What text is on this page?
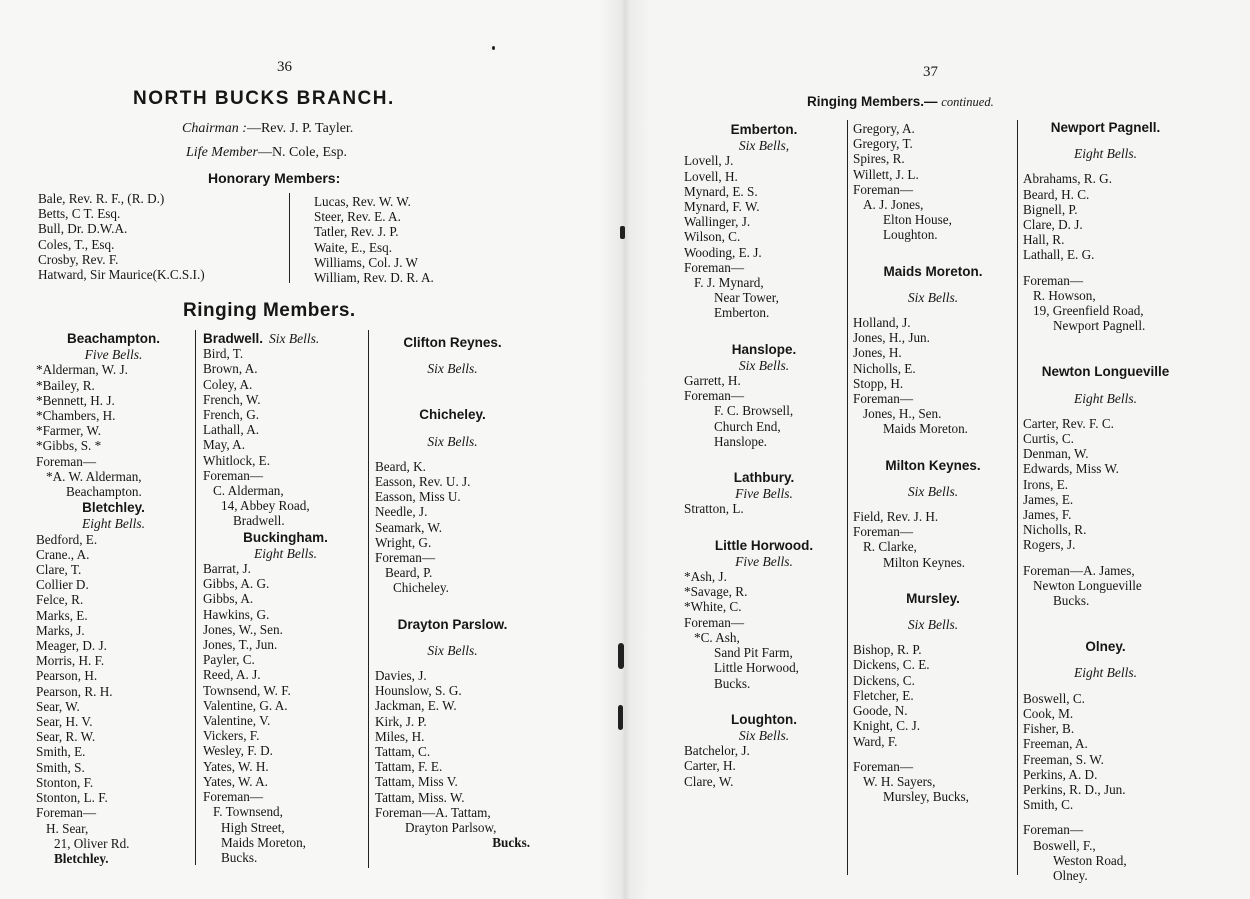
36
NORTH BUCKS BRANCH.
Chairman :—Rev. J. P. Tayler.
Life Member—N. Cole, Esp.
Honorary Members:
Bale, Rev. R. F., (R. D.)
Betts, C T. Esq.
Bull, Dr. D.W.A.
Coles, T., Esq.
Crosby, Rev. F.
Hatward, Sir Maurice(K.C.S.I.)
Lucas, Rev. W. W.
Steer, Rev. E. A.
Tatler, Rev. J. P.
Waite, E., Esq.
Williams, Col. J. W
William, Rev. D. R. A.
Ringing Members.
Beachampton.
Five Bells.
*Alderman, W. J.
*Bailey, R.
*Bennett, H. J.
*Chambers, H.
*Farmer, W.
*Gibbs, S. *
Foreman—
*A. W. Alderman,
Beachampton.
Bletchley.
Eight Bells.
Bedford, E.
Crane., A.
Clare, T.
Collier D.
Felce, R.
Marks, E.
Marks, J.
Meager, D. J.
Morris, H. F.
Pearson, H.
Pearson, R. H.
Sear, W.
Sear, H. V.
Sear, R. W.
Smith, E.
Smith, S.
Stonton, F.
Stonton, L. F.
Foreman—
H. Sear,
21, Oliver Rd.
Bletchley.
Bradwell. Six Bells.
Bird, T.
Brown, A.
Coley, A.
French, W.
French, G.
Lathall, A.
May, A.
Whitlock, E.
Foreman—
C. Alderman,
14, Abbey Road,
Bradwell.
Buckingham.
Eight Bells.
Barrat, J.
Gibbs, A. G.
Gibbs, A.
Hawkins, G.
Jones, W., Sen.
Jones, T., Jun.
Payler, C.
Reed, A. J.
Townsend, W. F.
Valentine, G. A.
Valentine, V.
Vickers, F.
Wesley, F. D.
Yates, W. H.
Yates, W. A.
Foreman—
F. Townsend,
High Street,
Maids Moreton,
Bucks.
Clifton Reynes.
Six Bells.
Chicheley.
Six Bells.
Beard, K.
Easson, Rev. U. J.
Easson, Miss U.
Needle, J.
Seamark, W.
Wright, G.
Foreman—
Beard, P.
Chicheley.
Drayton Parslow.
Six Bells.
Davies, J.
Hounslow, S. G.
Jackman, E. W.
Kirk, J. P.
Miles, H.
Tattam, C.
Tattam, F. E.
Tattam, Miss V.
Tattam, Miss. W.
Foreman—A. Tattam,
Drayton Parlsow,
Bucks.
37
Ringing Members.— continued.
Emberton.
Six Bells,
Lovell, J.
Lovell, H.
Mynard, E. S.
Mynard, F. W.
Wallinger, J.
Wilson, C.
Wooding, E. J.
Foreman—
F. J. Mynard,
Near Tower,
Emberton.
Hanslope.
Six Bells.
Garrett, H.
Foreman—
F. C. Browsell,
Church End,
Hanslope.
Lathbury.
Five Bells.
Stratton, L.
Little Horwood.
Five Bells.
*Ash, J.
*Savage, R.
*White, C.
Foreman—
*C. Ash,
Sand Pit Farm,
Little Horwood,
Bucks.
Loughton.
Six Bells.
Batchelor, J.
Carter, H.
Clare, W.
Gregory, A.
Gregory, T.
Spires, R.
Willett, J. L.
Foreman—
A. J. Jones,
Elton House,
Loughton.
Maids Moreton.
Six Bells.
Holland, J.
Jones, H., Jun.
Jones, H.
Nicholls, E.
Stopp, H.
Foreman—
Jones, H., Sen.
Maids Moreton.
Milton Keynes.
Six Bells.
Field, Rev. J. H.
Foreman—
R. Clarke,
Milton Keynes.
Mursley.
Six Bells.
Bishop, R. P.
Dickens, C. E.
Dickens, C.
Fletcher, E.
Goode, N.
Knight, C. J.
Ward, F.
Foreman—
W. H. Sayers,
Mursley, Bucks,
Newport Pagnell.
Eight Bells.
Abrahams, R. G.
Beard, H. C.
Bignell, P.
Clare, D. J.
Hall, R.
Lathall, E. G.
Foreman—
R. Howson,
19, Greenfield Road,
Newport Pagnell.
Newton Longueville
Eight Bells.
Carter, Rev. F. C.
Curtis, C.
Denman, W.
Edwards, Miss W.
Irons, E.
James, E.
James, F.
Nicholls, R.
Rogers, J.
Foreman—A. James,
Newton Longueville
Bucks.
Olney.
Eight Bells.
Boswell, C.
Cook, M.
Fisher, B.
Freeman, A.
Freeman, S. W.
Perkins, A. D.
Perkins, R. D., Jun.
Smith, C.
Foreman—
Boswell, F.,
Weston Road,
Olney.
